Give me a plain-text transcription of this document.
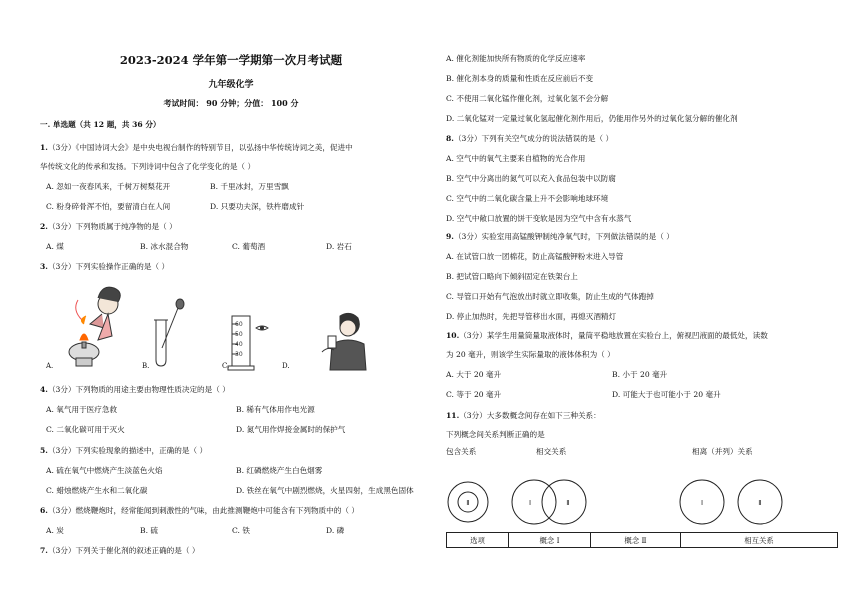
2023-2024 学年第一学期第一次月考试题
九年级化学
考试时间： 90 分钟；分值： 100 分
一. 单选题（共 12 题，共 36 分）
1.（3分）《中国诗词大会》是中央电视台制作的特别节目，以弘扬中华传统诗词之美，促进中
华传统文化的传承和发扬。下列诗词中包含了化学变化的是（ ）
A. 忽如一夜春风来，千树万树梨花开	B. 千里冰封，万里雪飘
C. 粉身碎骨浑不怕，要留清白在人间	D. 只要功夫深，铁杵磨成针
2.（3分）下列物质属于纯净物的是（ ）
A. 煤	B. 冰水混合物	C. 葡萄酒	D. 岩石
3.（3分）下列实验操作正确的是（ ）
A.	B.
60
50
40
30
C.	D.
4.（3分）下列物质的用途主要由物理性质决定的是（ ）
A. 氧气用于医疗急救	B. 稀有气体用作电光源
C. 二氧化碳可用于灭火	D. 氮气用作焊接金属时的保护气
5.（3分）下列实验现象的描述中，正确的是（ ）
A. 硫在氧气中燃烧产生淡蓝色火焰	B. 红磷燃烧产生白色烟雾
C. 蜡烛燃烧产生水和二氧化碳	D. 铁丝在氧气中剧烈燃烧，火星四射，生成黑色固体
6.（3分）燃烧鞭炮时，经常能闻到刺激性的气味，由此推测鞭炮中可能含有下列物质中的（ ）
A. 炭	B. 硫	C. 铁	D. 磷
7.（3分）下列关于催化剂的叙述正确的是（ ）
A. 催化剂能加快所有物质的化学反应速率
B. 催化剂本身的质量和性质在反应前后不变
C. 不使用二氧化锰作催化剂，过氧化氢不会分解
D. 二氧化锰对一定量过氧化氢起催化剂作用后，仍能用作另外的过氧化氢分解的催化剂
8.（3分）下列有关空气成分的说法错误的是（ ）
A. 空气中的氧气主要来自植物的光合作用
B. 空气中分离出的氮气可以充入食品包装中以防腐
C. 空气中的二氧化碳含量上升不会影响地球环境
D. 空气中敞口放置的饼干变软是因为空气中含有水蒸气
9.（3分）实验室用高锰酸钾制纯净氧气时，下列做法错误的是（ ）
A. 在试管口放一团棉花，防止高锰酸钾粉末进入导管
B. 把试管口略向下倾斜固定在铁架台上
C. 导管口开始有气泡放出时就立即收集，防止生成的气体跑掉
D. 停止加热时，先把导管移出水面，再熄灭酒精灯
10.（3分）某学生用量筒量取液体时，量筒平稳地放置在实验台上，俯视凹液面的最低处，读数
为 20 毫升，则该学生实际量取的液体体积为（ ）
A. 大于 20 毫升	B. 小于 20 毫升
C. 等于 20 毫升	D. 可能大于也可能小于 20 毫升
11.（3分）大多数概念间存在如下三种关系：
下列概念间关系判断正确的是
包含关系	相交关系	相离（并列）关系
Ⅱ	Ⅰ	Ⅱ	Ⅰ	Ⅱ
选项	概念 Ⅰ	概念 Ⅱ	相互关系
